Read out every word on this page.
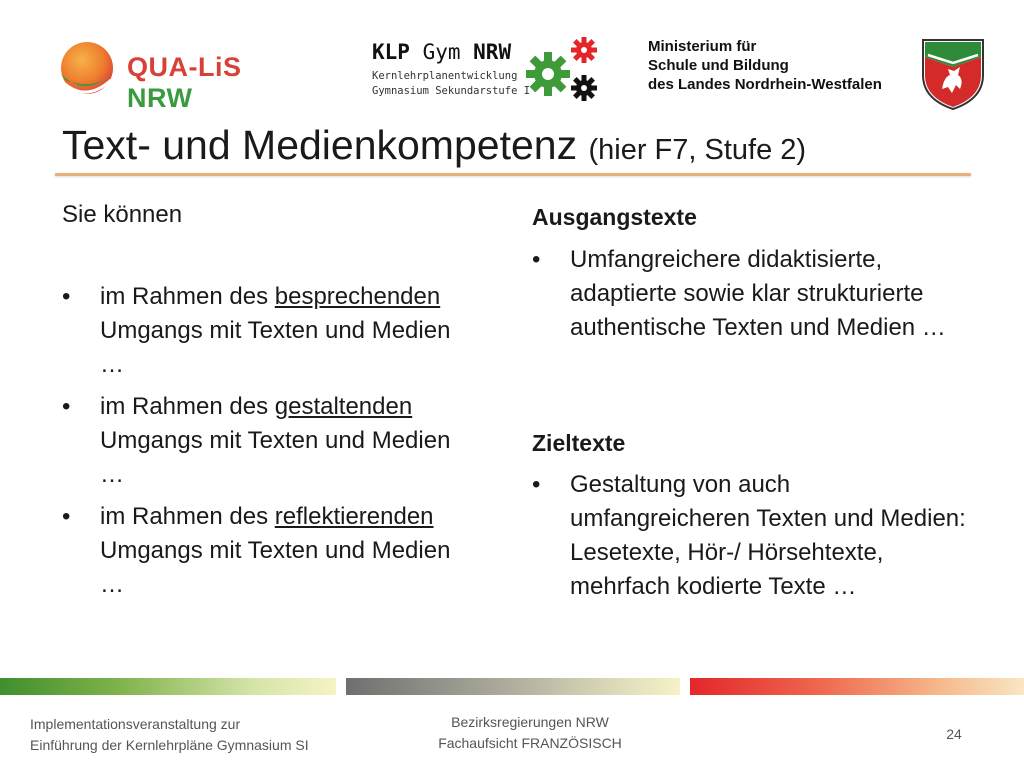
QUA-LiS NRW
KLP Gym NRW
Kernlehrplanentwicklung
Gymnasium Sekundarstufe I
Ministerium für
Schule und Bildung
des Landes Nordrhein-Westfalen
Text- und Medienkompetenz (hier F7, Stufe 2)
Sie können
• im Rahmen des besprechenden
Umgangs mit Texten und Medien
…
• im Rahmen des gestaltenden
Umgangs mit Texten und Medien
…
• im Rahmen des reflektierenden
Umgangs mit Texten und Medien
…
Ausgangstexte
• Umfangreichere didaktisierte, adaptierte sowie klar strukturierte authentische Texten und Medien …
Zieltexte
• Gestaltung von auch umfangreicheren Texten und Medien: Lesetexte, Hör-/ Hörsehtexte, mehrfach kodierte Texte …
Implementationsveranstaltung zur
Einführung der Kernlehrpläne Gymnasium SI
Bezirksregierungen NRW
Fachaufsicht FRANZÖSISCH
24
